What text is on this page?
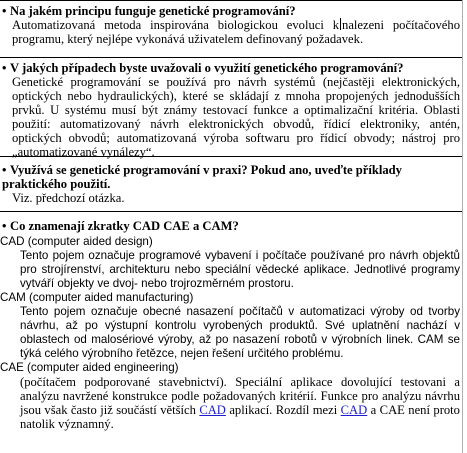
• Na jakém principu funguje genetické programování?

Automatizovaná metoda inspirována biologickou evoluci k nalezeni počítačového programu, který nejlépe vykonává uživatelem definovaný požadavek.

• V jakých případech byste uvažovali o využití genetického programování?

Genetické programování se používá pro návrh systémů (nejčastěji elektronických, optických nebo hydraulických), které se skládají z mnoha propojených jednodušších prvků. U systému musí být známy testovací funkce a optimalizační kritéria. Oblasti použití: automatizovaný návrh elektronických obvodů, řídicí elektroniky, antén, optických obvodů; automatizovaná výroba softwaru pro řídicí obvody; nástroj pro „automatizované vynálezy“.

• Využívá se genetické programování v praxi? Pokud ano, uveďte příklady praktického použití.

Viz. předchozí otázka.

• Co znamenají zkratky CAD CAE a CAM?

CAD (computer aided design)

Tento pojem označuje programové vybavení i počítače používané pro návrh objektů pro strojírenství, architekturu nebo speciální vědecké aplikace. Jednotlivé programy vytváří objekty ve dvoj- nebo trojrozměrném prostoru.

CAM (computer aided manufacturing)

Tento pojem označuje obecné nasazení počítačů v automatizaci výroby od tvorby návrhu, až po výstupní kontrolu vyrobených produktů. Své uplatnění nachází v oblastech od malosériové výroby, až po nasazení robotů v výrobních linek. CAM se týká celého výrobního řetězce, nejen řešení určitého problému.

CAE (computer aided engineering)

(počítačem podporované stavebnictví). Speciální aplikace dovolující testovani a analýzu navržené konstrukce podle požadovaných kritérií. Funkce pro analýzu návrhu jsou však často již součástí větších CAD aplikací. Rozdíl mezi CAD a CAE není proto natolik významný.
